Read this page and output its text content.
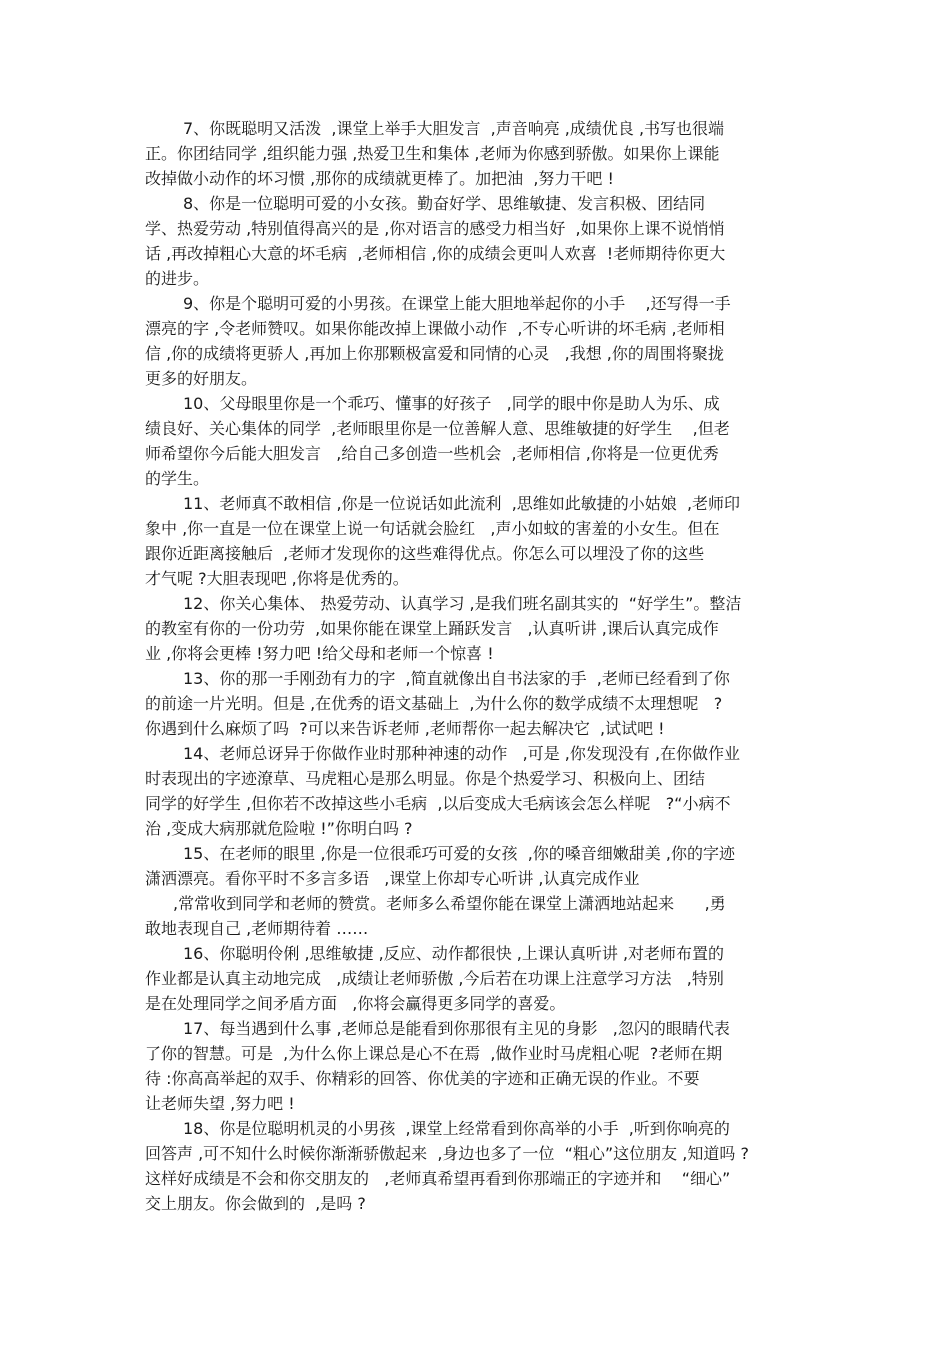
7、你既聪明又活泼  ,课堂上举手大胆发言  ,声音响亮 ,成绩优良 ,书写也很端
正。你团结同学 ,组织能力强 ,热爱卫生和集体 ,老师为你感到骄傲。如果你上课能
改掉做小动作的坏习惯 ,那你的成绩就更棒了。加把油  ,努力干吧 !
8、你是一位聪明可爱的小女孩。勤奋好学、思维敏捷、发言积极、团结同
学、热爱劳动 ,特别值得高兴的是 ,你对语言的感受力相当好  ,如果你上课不说悄悄
话 ,再改掉粗心大意的坏毛病  ,老师相信 ,你的成绩会更叫人欢喜  !老师期待你更大
的进步。
9、你是个聪明可爱的小男孩。在课堂上能大胆地举起你的小手    ,还写得一手
漂亮的字 ,令老师赞叹。如果你能改掉上课做小动作  ,不专心听讲的坏毛病 ,老师相
信 ,你的成绩将更骄人 ,再加上你那颗极富爱和同情的心灵   ,我想 ,你的周围将聚拢
更多的好朋友。
10、父母眼里你是一个乖巧、懂事的好孩子   ,同学的眼中你是助人为乐、成
绩良好、关心集体的同学  ,老师眼里你是一位善解人意、思维敏捷的好学生    ,但老
师希望你今后能大胆发言   ,给自己多创造一些机会  ,老师相信 ,你将是一位更优秀
的学生。
11、老师真不敢相信 ,你是一位说话如此流利  ,思维如此敏捷的小姑娘  ,老师印
象中 ,你一直是一位在课堂上说一句话就会脸红   ,声小如蚊的害羞的小女生。但在
跟你近距离接触后  ,老师才发现你的这些难得优点。你怎么可以埋没了你的这些
才气呢 ?大胆表现吧 ,你将是优秀的。
12、你关心集体、 热爱劳动、认真学习 ,是我们班名副其实的  “好学生”。整洁
的教室有你的一份功劳  ,如果你能在课堂上踊跃发言   ,认真听讲 ,课后认真完成作
业 ,你将会更棒 !努力吧 !给父母和老师一个惊喜 !
13、你的那一手刚劲有力的字  ,简直就像出自书法家的手  ,老师已经看到了你
的前途一片光明。但是 ,在优秀的语文基础上  ,为什么你的数学成绩不太理想呢   ?
你遇到什么麻烦了吗  ?可以来告诉老师 ,老师帮你一起去解决它  ,试试吧 !
14、老师总讶异于你做作业时那种神速的动作   ,可是 ,你发现没有 ,在你做作业
时表现出的字迹潦草、马虎粗心是那么明显。你是个热爱学习、积极向上、团结
同学的好学生 ,但你若不改掉这些小毛病  ,以后变成大毛病该会怎么样呢   ?“小病不
治 ,变成大病那就危险啦 !”你明白吗 ?
15、在老师的眼里 ,你是一位很乖巧可爱的女孩  ,你的嗓音细嫩甜美 ,你的字迹
潇洒漂亮。看你平时不多言多语   ,课堂上你却专心听讲 ,认真完成作业
,常常收到同学和老师的赞赏。老师多么希望你能在课堂上潇洒地站起来      ,勇
敢地表现自己 ,老师期待着 ……
16、你聪明伶俐 ,思维敏捷 ,反应、动作都很快 ,上课认真听讲 ,对老师布置的
作业都是认真主动地完成   ,成绩让老师骄傲 ,今后若在功课上注意学习方法   ,特别
是在处理同学之间矛盾方面   ,你将会赢得更多同学的喜爱。
17、每当遇到什么事 ,老师总是能看到你那很有主见的身影   ,忽闪的眼睛代表
了你的智慧。可是  ,为什么你上课总是心不在焉  ,做作业时马虎粗心呢  ?老师在期
待 :你高高举起的双手、你精彩的回答、你优美的字迹和正确无误的作业。不要
让老师失望 ,努力吧 !
18、你是位聪明机灵的小男孩  ,课堂上经常看到你高举的小手  ,听到你响亮的
回答声 ,可不知什么时候你渐渐骄傲起来  ,身边也多了一位  “粗心”这位朋友 ,知道吗 ?
这样好成绩是不会和你交朋友的   ,老师真希望再看到你那端正的字迹并和    “细心”
交上朋友。你会做到的  ,是吗 ?
